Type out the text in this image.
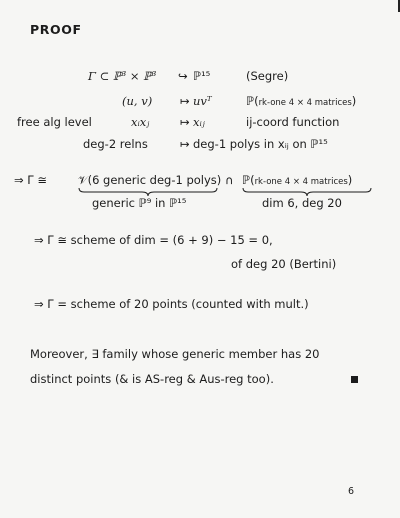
PROOF
Γ ⊂ ℙ³ × ℙ³ ↪ ℙ¹⁵	(Segre)
(u, v) ↦ uvᵀ	ℙ(rk-one 4 × 4 matrices)
free alg level	xᵢxⱼ	↦ xᵢⱼ	ij-coord function
deg-2 relns	↦ deg-1 polys in xᵢⱼ on ℙ¹⁵
⇒ Γ ≅	𝒱(6 generic deg-1 polys) ∩ ℙ(rk-one 4 × 4 matrices)
generic ℙ⁹ in ℙ¹⁵	dim 6, deg 20
⇒ Γ ≅ scheme of dim = (6 + 9) − 15 = 0,
of deg 20 (Bertini)
⇒ Γ = scheme of 20 points (counted with mult.)
Moreover, ∃ family whose generic member has 20
distinct points (& is AS-reg & Aus-reg too).
6
